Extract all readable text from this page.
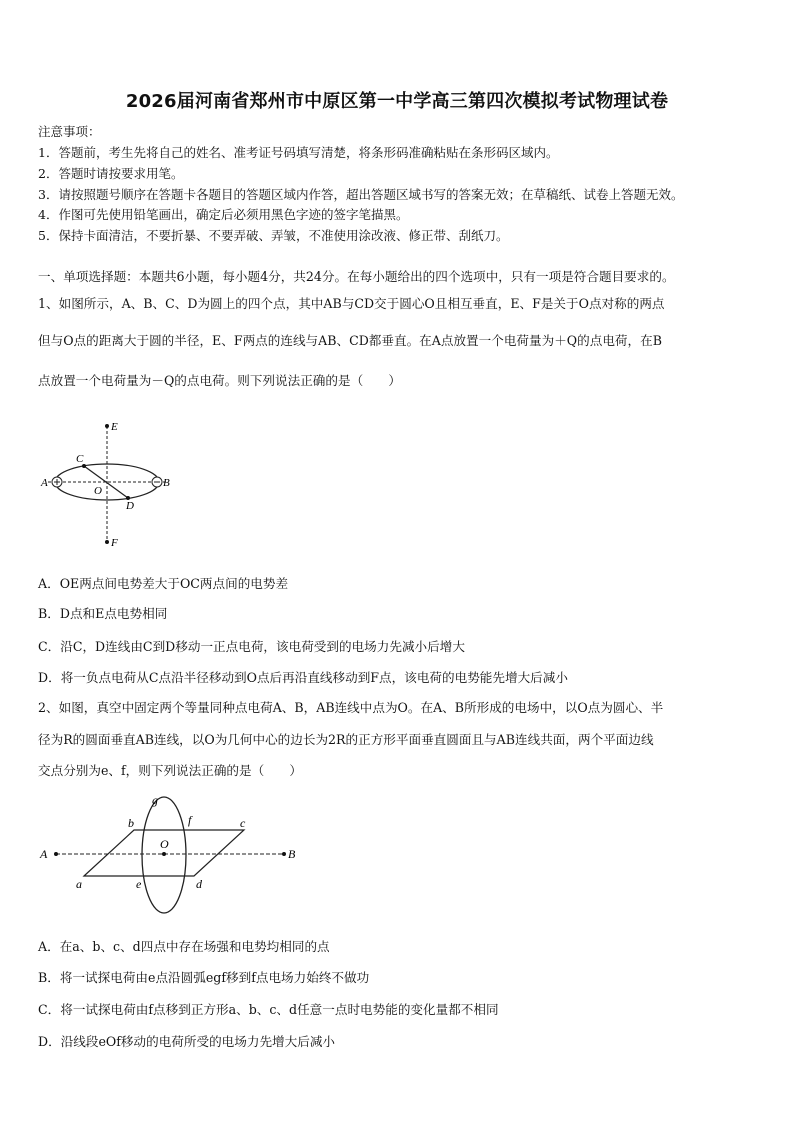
2026届河南省郑州市中原区第一中学高三第四次模拟考试物理试卷
注意事项：
1．答题前，考生先将自己的姓名、准考证号码填写清楚，将条形码准确粘贴在条形码区域内。
2．答题时请按要求用笔。
3．请按照题号顺序在答题卡各题目的答题区域内作答，超出答题区域书写的答案无效；在草稿纸、试卷上答题无效。
4．作图可先使用铅笔画出，确定后必须用黑色字迹的签字笔描黑。
5．保持卡面清洁，不要折暴、不要弄破、弄皱，不准使用涂改液、修正带、刮纸刀。
一、单项选择题：本题共6小题，每小题4分，共24分。在每小题给出的四个选项中，只有一项是符合题目要求的。
1、如图所示，A、B、C、D为圆上的四个点，其中AB与CD交于圆心O且相互垂直，E、F是关于O点对称的两点
但与O点的距离大于圆的半径，E、F两点的连线与AB、CD都垂直。在A点放置一个电荷量为＋Q的点电荷，在B
点放置一个电荷量为－Q的点电荷。则下列说法正确的是（　　）
E
C
A
O
B
D
F
A．OE两点间电势差大于OC两点间的电势差
B．D点和E点电势相同
C．沿C，D连线由C到D移动一正点电荷，该电荷受到的电场力先减小后增大
D．将一负点电荷从C点沿半径移动到O点后再沿直线移动到F点，该电荷的电势能先增大后减小
2、如图，真空中固定两个等量同种点电荷A、B，AB连线中点为O。在A、B所形成的电场中，以O点为圆心、半
径为R的圆面垂直AB连线，以O为几何中心的边长为2R的正方形平面垂直圆面且与AB连线共面，两个平面边线
交点分别为e、f，则下列说法正确的是（　　）
g
b	f	c
A
O
B
a	e	d
A．在a、b、c、d四点中存在场强和电势均相同的点
B．将一试探电荷由e点沿圆弧egf移到f点电场力始终不做功
C．将一试探电荷由f点移到正方形a、b、c、d任意一点时电势能的变化量都不相同
D．沿线段eOf移动的电荷所受的电场力先增大后减小
